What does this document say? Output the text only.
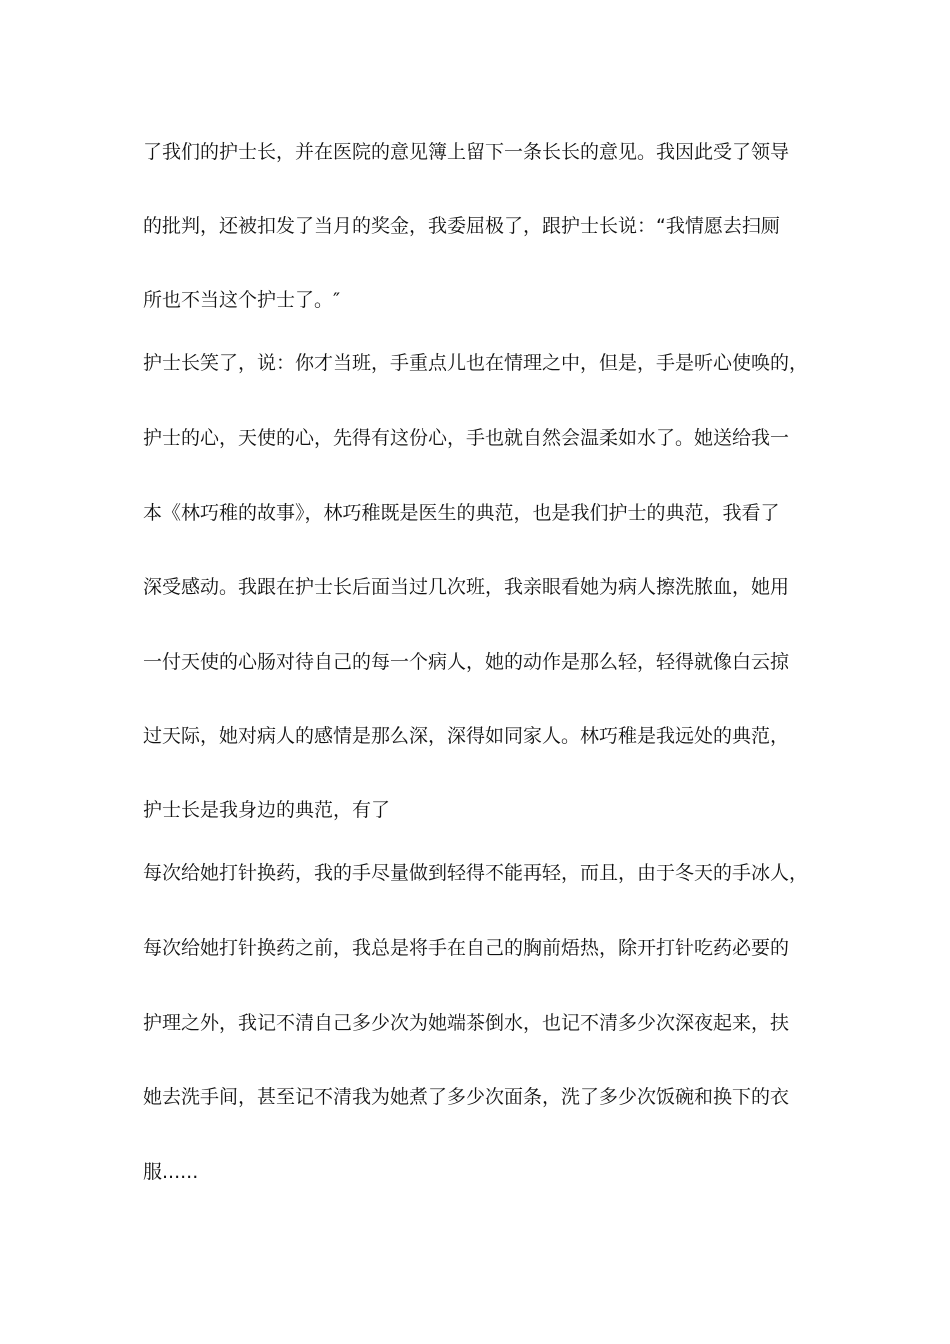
了我们的护士长，并在医院的意见簿上留下一条长长的意见。我因此受了领导
的批判，还被扣发了当月的奖金，我委屈极了，跟护士长说：“我情愿去扫厕
所也不当这个护士了。″
护士长笑了，说：你才当班，手重点儿也在情理之中，但是，手是听心使唤的，
护士的心，天使的心，先得有这份心，手也就自然会温柔如水了。她送给我一
本《林巧稚的故事》，林巧稚既是医生的典范，也是我们护士的典范，我看了
深受感动。我跟在护士长后面当过几次班，我亲眼看她为病人擦洗脓血，她用
一付天使的心肠对待自己的每一个病人，她的动作是那么轻，轻得就像白云掠
过天际，她对病人的感情是那么深，深得如同家人。林巧稚是我远处的典范，
护士长是我身边的典范，有了
每次给她打针换药，我的手尽量做到轻得不能再轻，而且，由于冬天的手冰人，
每次给她打针换药之前，我总是将手在自己的胸前焐热，除开打针吃药必要的
护理之外，我记不清自己多少次为她端茶倒水，也记不清多少次深夜起来，扶
她去洗手间，甚至记不清我为她煮了多少次面条，洗了多少次饭碗和换下的衣
服......
